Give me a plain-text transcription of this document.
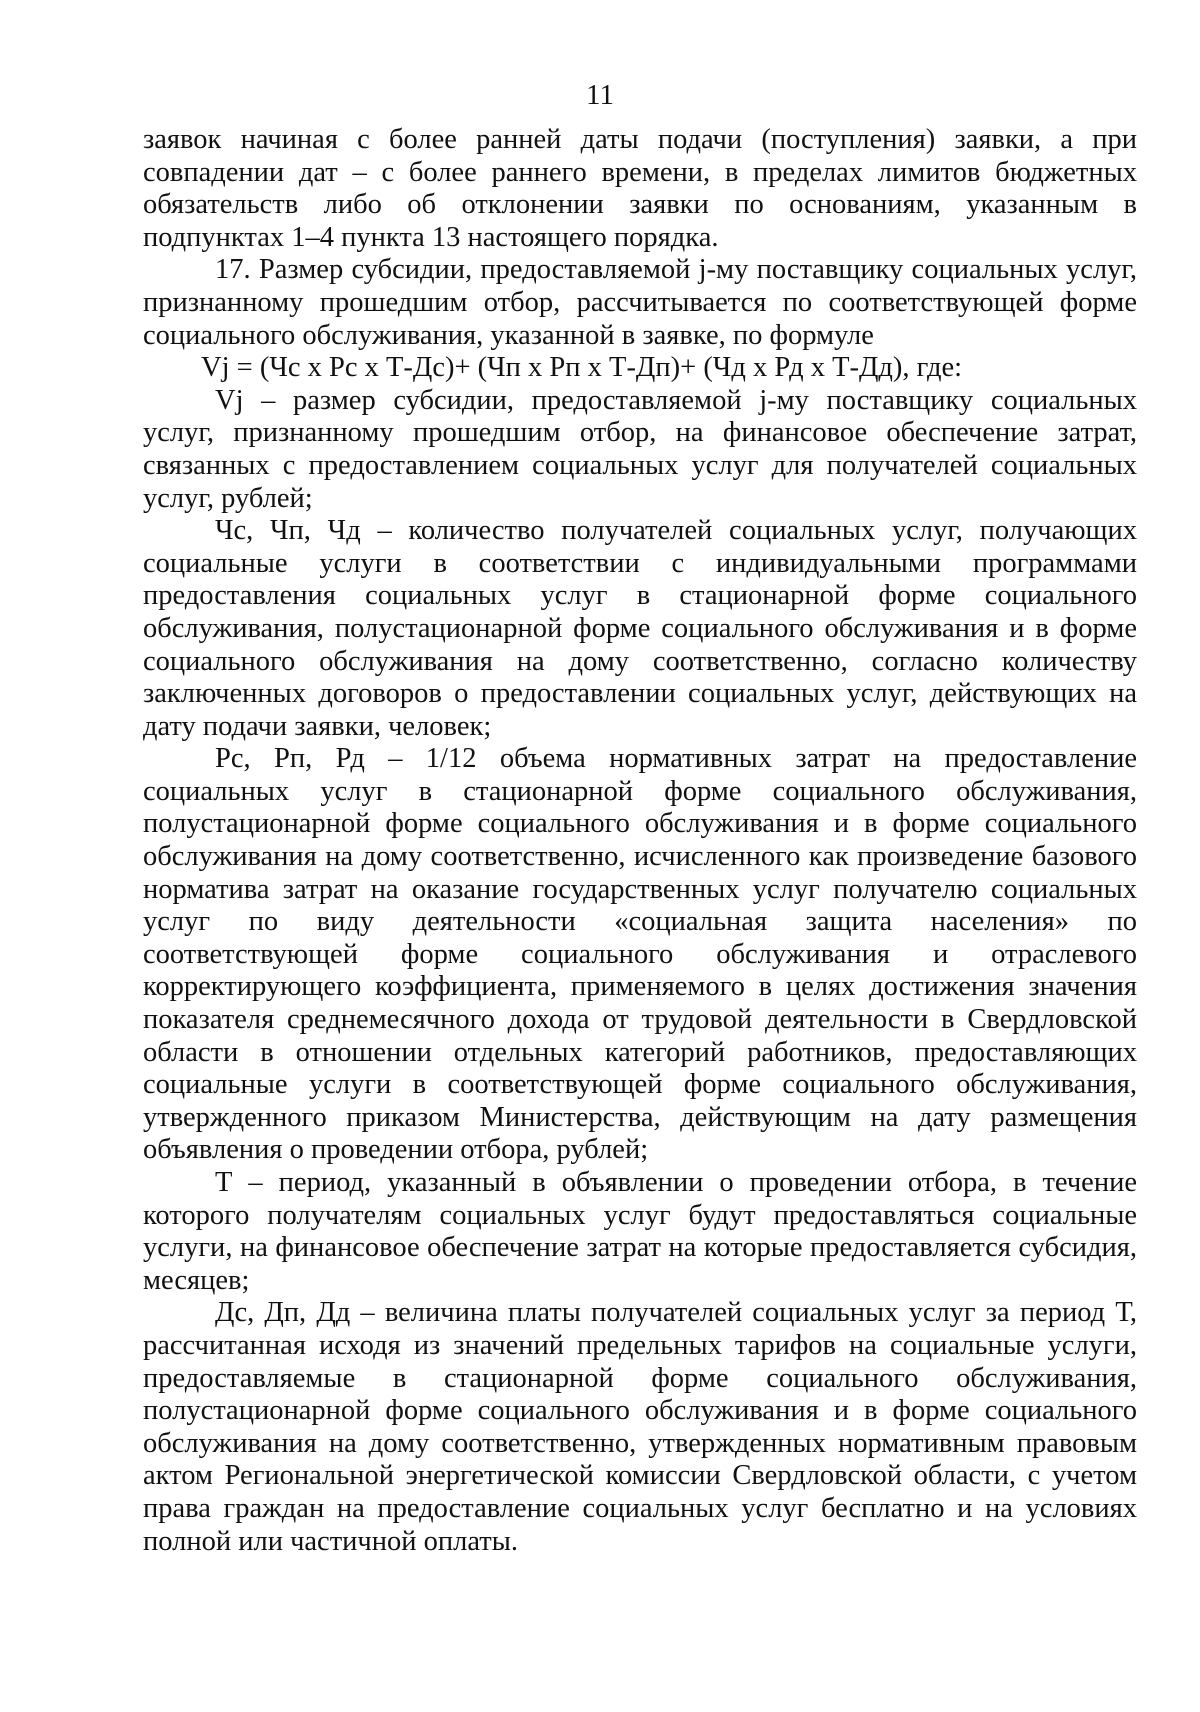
11

заявок начиная с более ранней даты подачи (поступления) заявки, а при совпадении дат – с более раннего времени, в пределах лимитов бюджетных обязательств либо об отклонении заявки по основаниям, указанным в подпунктах 1–4 пункта 13 настоящего порядка.

17. Размер субсидии, предоставляемой j-му поставщику социальных услуг, признанному прошедшим отбор, рассчитывается по соответствующей форме социального обслуживания, указанной в заявке, по формуле

Vj = (Чс х Рс х Т-Дс)+ (Чп х Рп х Т-Дп)+ (Чд х Рд х Т-Дд), где:

Vj – размер субсидии, предоставляемой j-му поставщику социальных услуг, признанному прошедшим отбор, на финансовое обеспечение затрат, связанных с предоставлением социальных услуг для получателей социальных услуг, рублей;

Чс, Чп, Чд – количество получателей социальных услуг, получающих социальные услуги в соответствии с индивидуальными программами предоставления социальных услуг в стационарной форме социального обслуживания, полустационарной форме социального обслуживания и в форме социального обслуживания на дому соответственно, согласно количеству заключенных договоров о предоставлении социальных услуг, действующих на дату подачи заявки, человек;

Рс, Рп, Рд – 1/12 объема нормативных затрат на предоставление социальных услуг в стационарной форме социального обслуживания, полустационарной форме социального обслуживания и в форме социального обслуживания на дому соответственно, исчисленного как произведение базового норматива затрат на оказание государственных услуг получателю социальных услуг по виду деятельности «социальная защита населения» по соответствующей форме социального обслуживания и отраслевого корректирующего коэффициента, применяемого в целях достижения значения показателя среднемесячного дохода от трудовой деятельности в Свердловской области в отношении отдельных категорий работников, предоставляющих социальные услуги в соответствующей форме социального обслуживания, утвержденного приказом Министерства, действующим на дату размещения объявления о проведении отбора, рублей;

Т – период, указанный в объявлении о проведении отбора, в течение которого получателям социальных услуг будут предоставляться социальные услуги, на финансовое обеспечение затрат на которые предоставляется субсидия, месяцев;

Дс, Дп, Дд – величина платы получателей социальных услуг за период Т, рассчитанная исходя из значений предельных тарифов на социальные услуги, предоставляемые в стационарной форме социального обслуживания, полустационарной форме социального обслуживания и в форме социального обслуживания на дому соответственно, утвержденных нормативным правовым актом Региональной энергетической комиссии Свердловской области, с учетом права граждан на предоставление социальных услуг бесплатно и на условиях полной или частичной оплаты.
